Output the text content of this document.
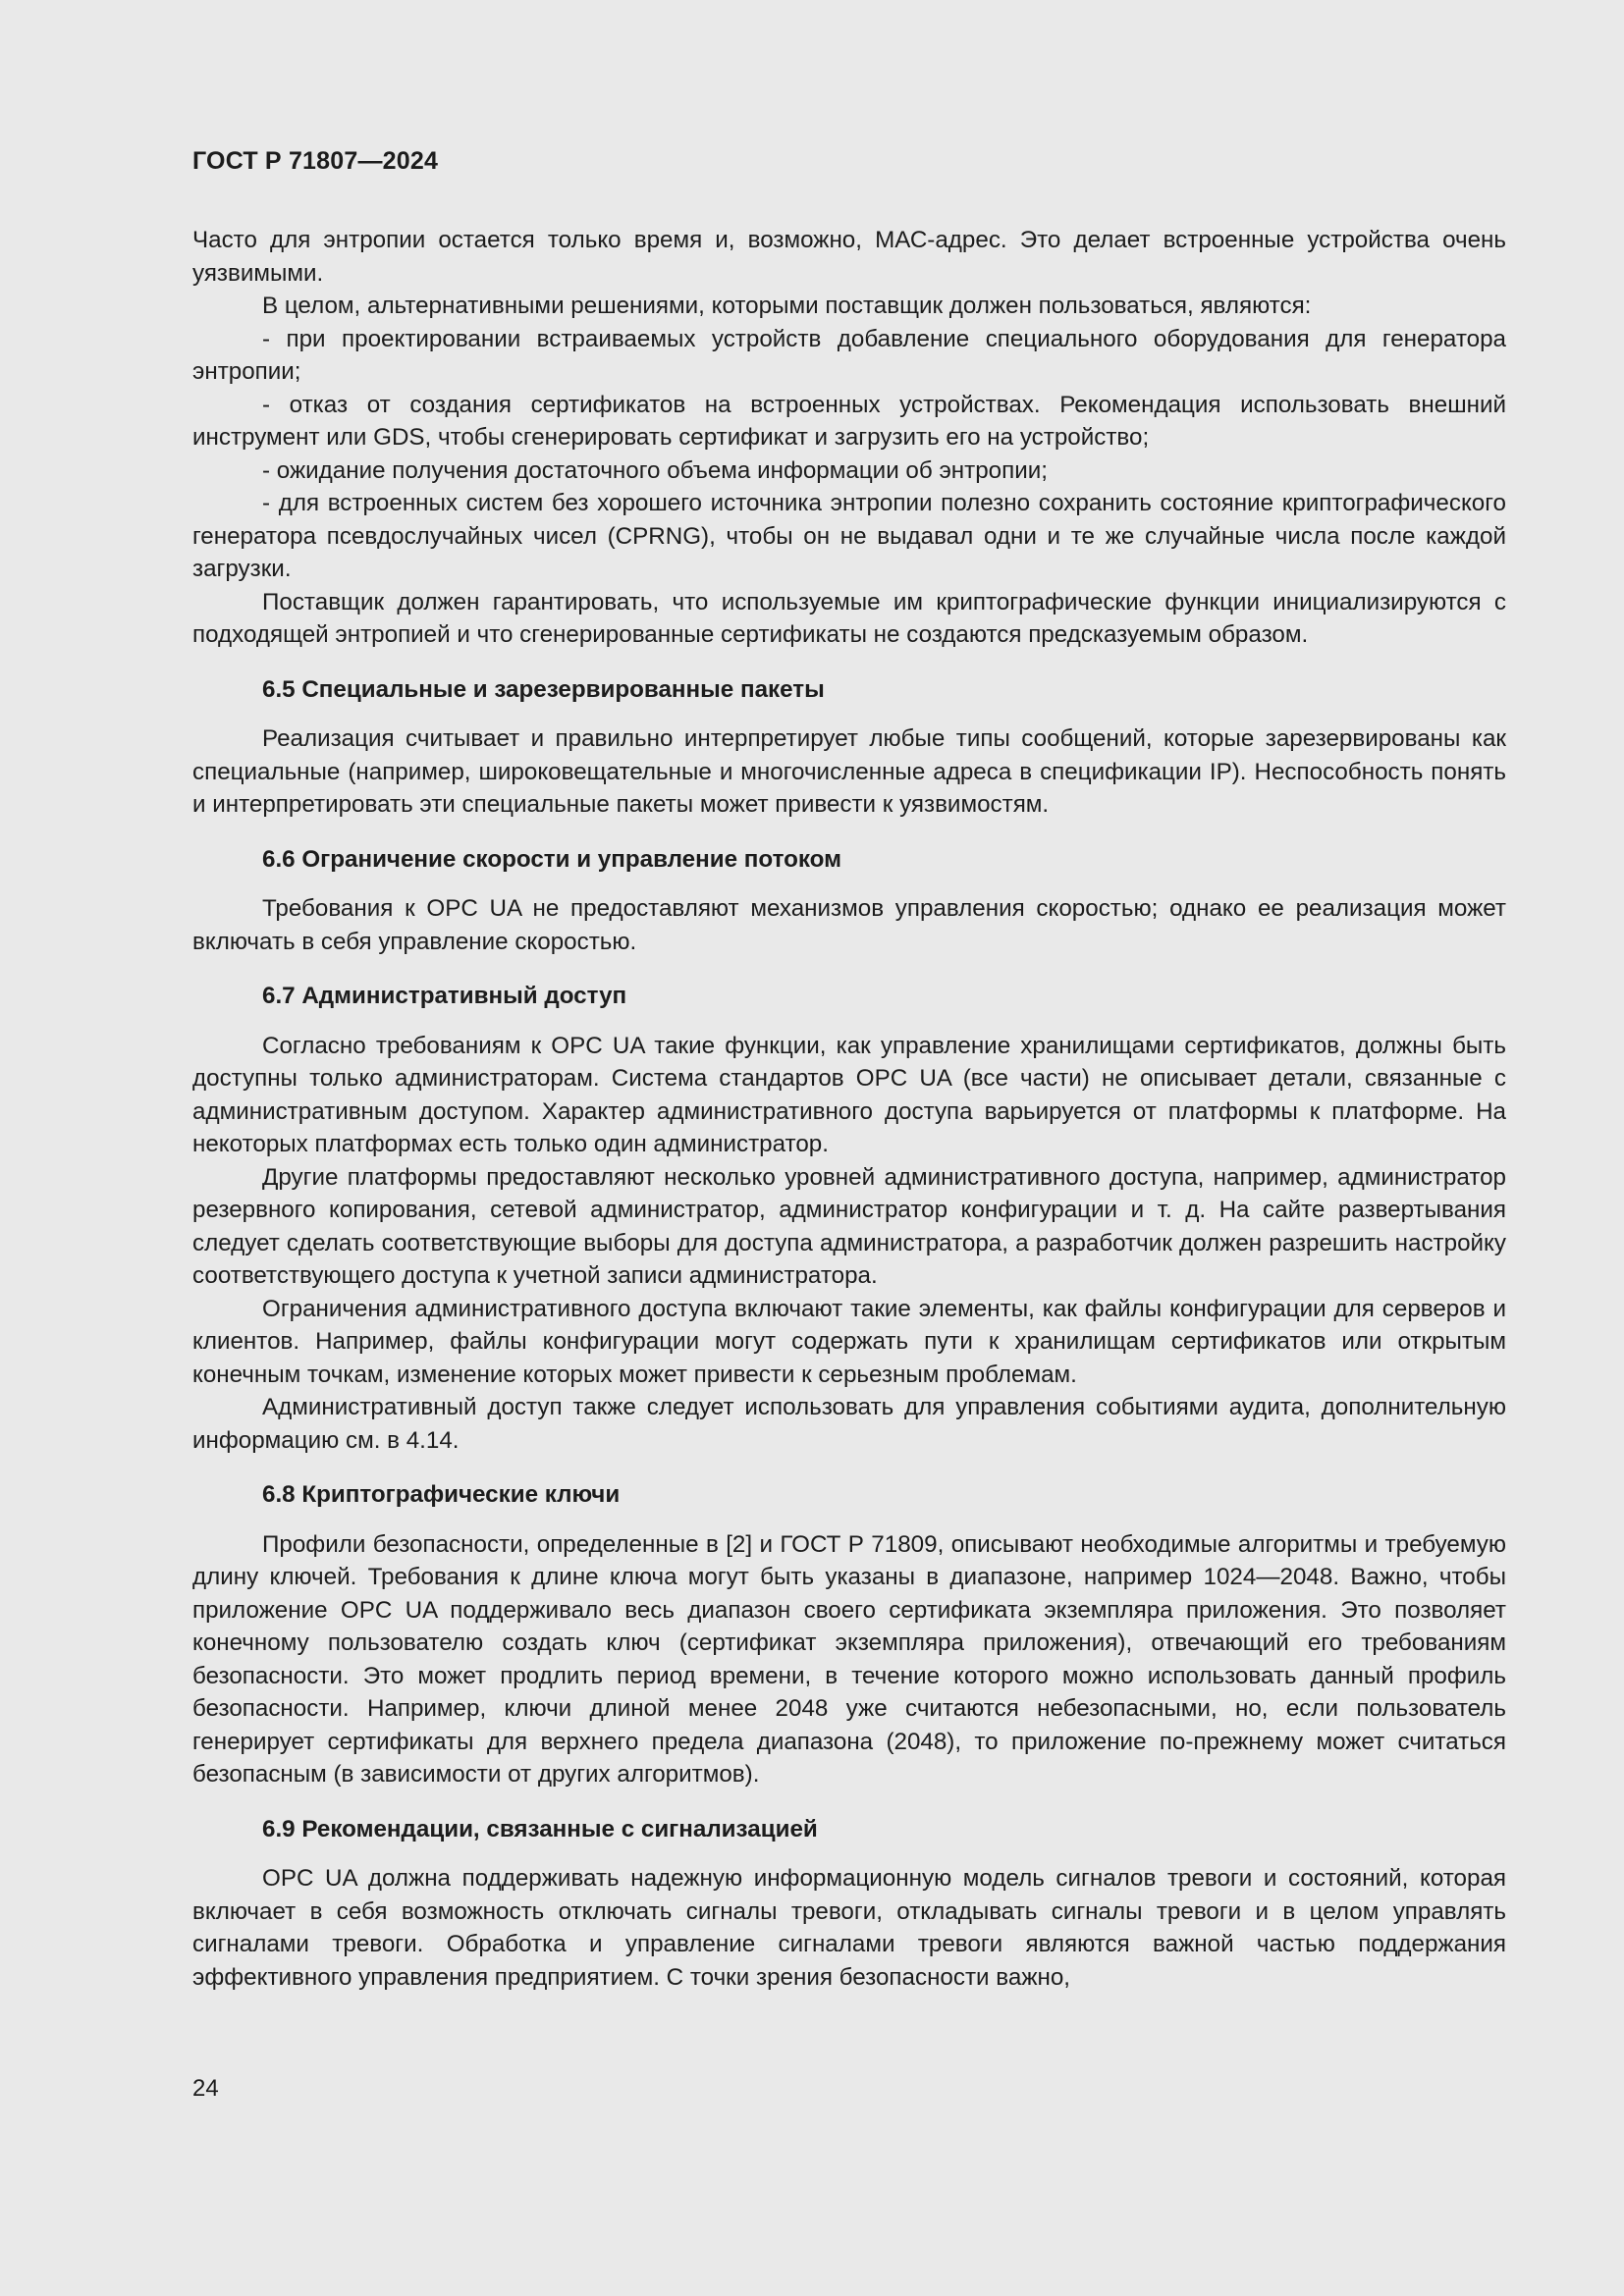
ГОСТ Р 71807—2024

Часто для энтропии остается только время и, возможно, МАС-адрес. Это делает встроенные устройства очень уязвимыми.

В целом, альтернативными решениями, которыми поставщик должен пользоваться, являются:

- при проектировании встраиваемых устройств добавление специального оборудования для генератора энтропии;

- отказ от создания сертификатов на встроенных устройствах. Рекомендация использовать внешний инструмент или GDS, чтобы сгенерировать сертификат и загрузить его на устройство;

- ожидание получения достаточного объема информации об энтропии;

- для встроенных систем без хорошего источника энтропии полезно сохранить состояние криптографического генератора псевдослучайных чисел (CPRNG), чтобы он не выдавал одни и те же случайные числа после каждой загрузки.

Поставщик должен гарантировать, что используемые им криптографические функции инициализируются с подходящей энтропией и что сгенерированные сертификаты не создаются предсказуемым образом.

6.5 Специальные и зарезервированные пакеты

Реализация считывает и правильно интерпретирует любые типы сообщений, которые зарезервированы как специальные (например, широковещательные и многочисленные адреса в спецификации IP). Неспособность понять и интерпретировать эти специальные пакеты может привести к уязвимостям.

6.6 Ограничение скорости и управление потоком

Требования к OPC UA не предоставляют механизмов управления скоростью; однако ее реализация может включать в себя управление скоростью.

6.7 Административный доступ

Согласно требованиям к OPC UA такие функции, как управление хранилищами сертификатов, должны быть доступны только администраторам. Система стандартов OPC UA (все части) не описывает детали, связанные с административным доступом. Характер административного доступа варьируется от платформы к платформе. На некоторых платформах есть только один администратор.

Другие платформы предоставляют несколько уровней административного доступа, например, администратор резервного копирования, сетевой администратор, администратор конфигурации и т. д. На сайте развертывания следует сделать соответствующие выборы для доступа администратора, а разработчик должен разрешить настройку соответствующего доступа к учетной записи администратора.

Ограничения административного доступа включают такие элементы, как файлы конфигурации для серверов и клиентов. Например, файлы конфигурации могут содержать пути к хранилищам сертификатов или открытым конечным точкам, изменение которых может привести к серьезным проблемам.

Административный доступ также следует использовать для управления событиями аудита, дополнительную информацию см. в 4.14.

6.8 Криптографические ключи

Профили безопасности, определенные в [2] и ГОСТ Р 71809, описывают необходимые алгоритмы и требуемую длину ключей. Требования к длине ключа могут быть указаны в диапазоне, например 1024—2048. Важно, чтобы приложение OPC UA поддерживало весь диапазон своего сертификата экземпляра приложения. Это позволяет конечному пользователю создать ключ (сертификат экземпляра приложения), отвечающий его требованиям безопасности. Это может продлить период времени, в течение которого можно использовать данный профиль безопасности. Например, ключи длиной менее 2048 уже считаются небезопасными, но, если пользователь генерирует сертификаты для верхнего предела диапазона (2048), то приложение по-прежнему может считаться безопасным (в зависимости от других алгоритмов).

6.9 Рекомендации, связанные с сигнализацией

OPC UA должна поддерживать надежную информационную модель сигналов тревоги и состояний, которая включает в себя возможность отключать сигналы тревоги, откладывать сигналы тревоги и в целом управлять сигналами тревоги. Обработка и управление сигналами тревоги являются важной частью поддержания эффективного управления предприятием. С точки зрения безопасности важно,

24
